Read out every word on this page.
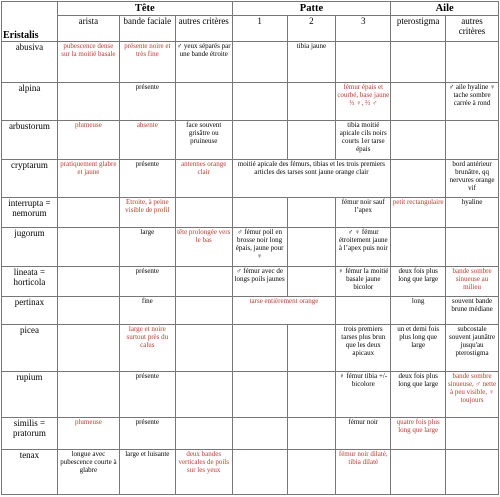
Eristalis	Tête			Patte			Aile	
	arista	bande faciale	autres critères	1	2	3	pterostigma	autres critères
abusiva	pubescence dense sur la moitié basale	présente noire et très fine	♂ yeux séparés par une bande étroite		tibia jaune			
alpina		présente				fémur épais et courbé, base jaune ⅓ ♀, ⅔ ♂		♂ aile hyaline ♀ tache sombre carrée à rond
arbustorum	plumeuse	absente	face souvent grisâtre ou pruineuse			tibia moitié apicale cils noirs courts 1er tarse épais		
cryptarum	pratiquement glabre et jaune	présente	antennes orange clair	moitié apicale des fémurs, tibias et les trois premiers articles des tarses sont jaune orange clair				bord antérieur brunâtre, qq nervures orange vif
interrupta = nemorum		Etroite, à peine visible de profil				fémur noir sauf l’apex	petit rectangulaire	hyaline
jugorum		large	tête prolongée vers le bas	♂ fémur poil en brosse noir long épais, jaune pour ♀		♂ ♀ fémur étroitement jaune à l’apex puis noir		
lineata = horticola		présente		♂ fémur avec de longs poils jaunes		♀ fémur la moitié basale jaune bicolor	deux fois plus long que large	bande sombre sinueuse au milieu
pertinax		fine		tarse entièrement orange			long	souvent bande brune médiane
picea		large et noire surtout près du calus				trois premiers tarses plus brun que les deux apicaux	un et demi fois plus long que large	subcostale souvent jaunâtre jusqu'au pterostigma
rupium		présente				♀ fémur tibia +/- bicolore	deux fois plus long que large	bande sombre sinueuse, ♂ nette à peu visible, ♀ toujours
similis = pratorum	plumeuse	présente				fémur noir	quatre fois plus long que large	
tenax	longue avec pubescence courte à glabre	large et luisante	deux bandes verticales de poils sur les yeux			fémur noir dilaté, tibia dilaté		
